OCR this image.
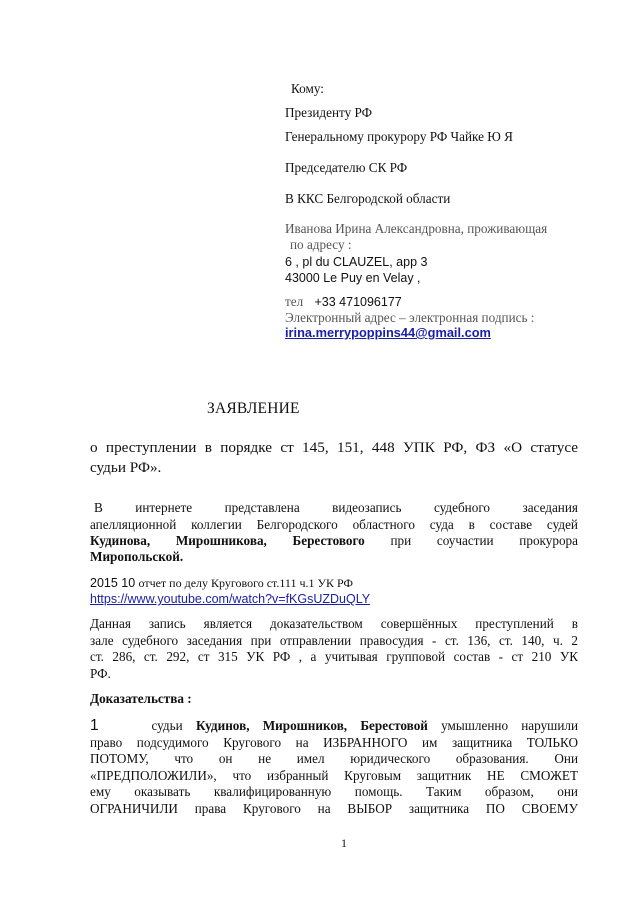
Кому:
Президенту РФ
Генеральному прокурору РФ Чайке Ю Я
Председателю СК РФ
В ККС Белгородской области
Иванова Ирина Александровна, проживающая
по адресу :
6 , pl du CLAUZEL, app 3
43000 Le Puy en Velay ,
тел +33 471096177
Электронный адрес – электронная подпись :
irina.merrypoppins44@gmail.com
ЗАЯВЛЕНИЕ
о преступлении в порядке ст 145, 151, 448 УПК РФ, ФЗ «О статусе
судьи РФ».
В интернете представлена видеозапись судебного заседания
апелляционной коллегии Белгородского областного суда в составе судей
Кудинова, Мирошникова, Берестового при соучастии прокурора
Миропольской.
2015 10 отчет по делу Кругового ст.111 ч.1 УК РФ
https://www.youtube.com/watch?v=fKGsUZDuQLY
Данная запись является доказательством совершённых преступлений в
зале судебного заседания при отправлении правосудия - ст. 136, ст. 140, ч. 2
ст. 286, ст. 292, ст 315 УК РФ , а учитывая групповой состав - ст 210 УК
РФ.
Доказательства :
1	судьи Кудинов, Мирошников, Берестовой умышленно нарушили
право подсудимого Кругового на ИЗБРАННОГО им защитника ТОЛЬКО
ПОТОМУ, что он не имел юридического образования. Они
«ПРЕДПОЛОЖИЛИ», что избранный Круговым защитник НЕ СМОЖЕТ
ему оказывать квалифицированную помощь. Таким образом, они
ОГРАНИЧИЛИ права Кругового на ВЫБОР защитника ПО СВОЕМУ
1
